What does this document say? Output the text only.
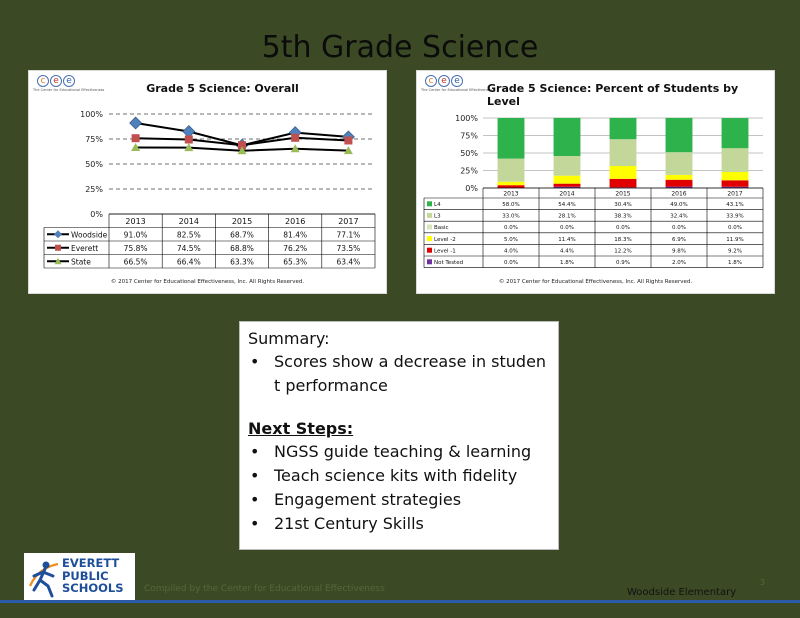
5th Grade Science
c e e
The Center for Educational Effectiveness	Grade 5 Science: Overall
100%
75%
50%
25%
0%
2013	2014	2015	2016	2017
Woodside 91.0%	82.5%	68.7%	81.4%	77.1%
Everett	75.8%	74.5%	68.8%	76.2%	73.5%
State	66.5%	66.4%	63.3%	65.3%	63.4%
© 2017 Center for Educational Effectiveness, Inc. All Rights Reserved.
c e e
The Center for Educational Effectiveness
Grade 5 Science: Percent of Students by Level
100%
75%
50%
25%
0%
2013	2014	2015	2016	2017
L4	58.0%	54.4%	30.4%	49.0%	43.1%
L3	33.0%	28.1%	38.3%	32.4%	33.9%
Basic	0.0%	0.0%	0.0%	0.0%	0.0%
Level -2	5.0%	11.4%	18.3%	6.9%	11.9%
Level -1	4.0%	4.4%	12.2%	9.8%	9.2%
Not Tested	0.0%	1.8%	0.9%	2.0%	1.8%
© 2017 Center for Educational Effectiveness, Inc. All Rights Reserved.
Summary:
• Scores show a decrease in studen t performance
Next Steps:
• NGSS guide teaching & learning
• Teach science kits with fidelity
• Engagement strategies
• 21st Century Skills
EVERETT
PUBLIC
SCHOOLS Compiled by the Center for Educational Effectiveness	Woodside Elementary
3
